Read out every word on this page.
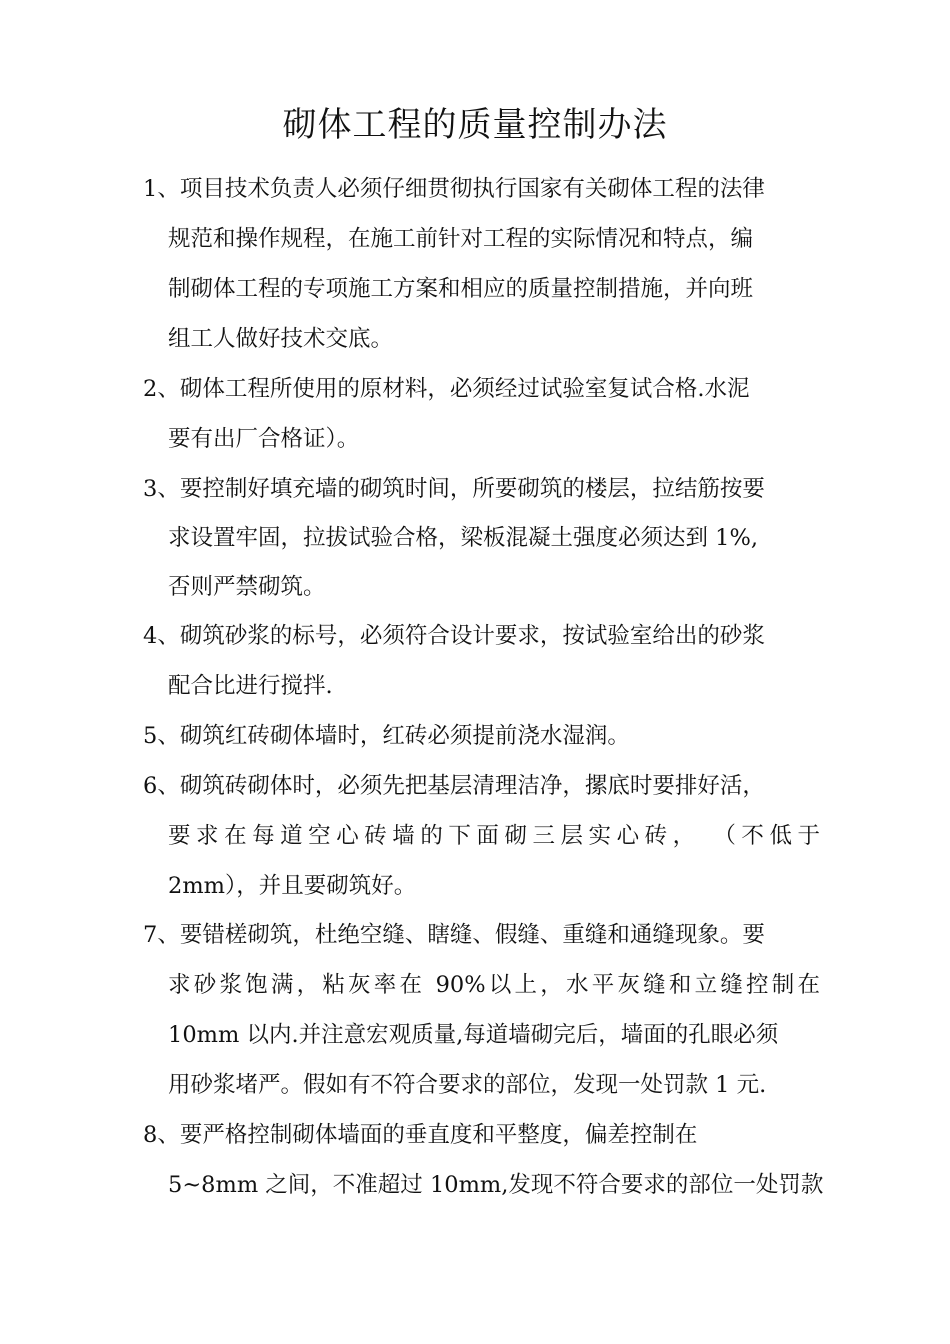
砌体工程的质量控制办法
1、项目技术负责人必须仔细贯彻执行国家有关砌体工程的法律
规范和操作规程，在施工前针对工程的实际情况和特点，编
制砌体工程的专项施工方案和相应的质量控制措施，并向班
组工人做好技术交底。
2、砌体工程所使用的原材料，必须经过试验室复试合格.水泥
要有出厂合格证）。
3、要控制好填充墙的砌筑时间，所要砌筑的楼层，拉结筋按要
求设置牢固，拉拔试验合格，梁板混凝土强度必须达到 1%,
否则严禁砌筑。
4、砌筑砂浆的标号，必须符合设计要求，按试验室给出的砂浆
配合比进行搅拌.
5、砌筑红砖砌体墙时，红砖必须提前浇水湿润。
6、砌筑砖砌体时，必须先把基层清理洁净，摞底时要排好活，
要求在每道空心砖墙的下面砌三层实心砖， （不低于
2mm），并且要砌筑好。
7、要错槎砌筑，杜绝空缝、瞎缝、假缝、重缝和通缝现象。要
求砂浆饱满，粘灰率在 90%以上，水平灰缝和立缝控制在
10mm 以内.并注意宏观质量,每道墙砌完后，墙面的孔眼必须
用砂浆堵严。假如有不符合要求的部位，发现一处罚款 1 元.
8、要严格控制砌体墙面的垂直度和平整度，偏差控制在
5~8mm 之间，不准超过 10mm,发现不符合要求的部位一处罚款
